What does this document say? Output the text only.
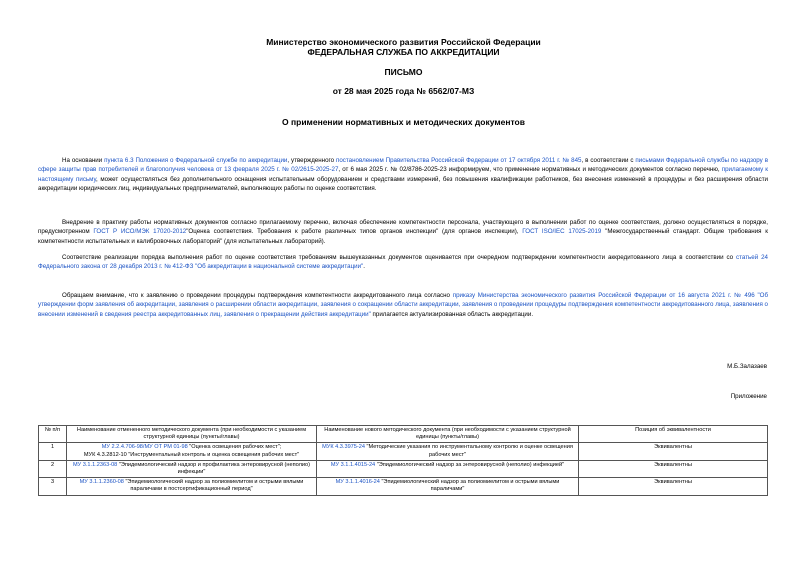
Министерство экономического развития Российской Федерации
ФЕДЕРАЛЬНАЯ СЛУЖБА ПО АККРЕДИТАЦИИ
ПИСЬМО
от 28 мая 2025 года № 6562/07-МЗ
О применении нормативных и методических документов
На основании пункта 6.3 Положения о Федеральной службе по аккредитации, утвержденного постановлением Правительства Российской Федерации от 17 октября 2011 г. № 845, в соответствии с письмами Федеральной службы по надзору в сфере защиты прав потребителей и благополучия человека от 13 февраля 2025 г. № 02/2615-2025-27, от 6 мая 2025 г. № 02/8786-2025-23 информируем, что применение нормативных и методических документов согласно перечню, прилагаемому к настоящему письму, может осуществляться без дополнительного оснащения испытательным оборудованием и средствами измерений, без повышения квалификации работников, без внесения изменений в процедуры и без расширения области аккредитации юридических лиц, индивидуальных предпринимателей, выполняющих работы по оценке соответствия.
Внедрение в практику работы нормативных документов согласно прилагаемому перечню, включая обеспечение компетентности персонала, участвующего в выполнении работ по оценке соответствия, должно осуществляться в порядке, предусмотренном ГОСТ Р ИСО/МЭК 17020-2012"Оценка соответствия. Требования к работе различных типов органов инспекции" (для органов инспекции), ГОСТ ISO/IEC 17025-2019 "Межгосударственный стандарт. Общие требования к компетентности испытательных и калибровочных лабораторий" (для испытательных лабораторий).
Соответствие реализации порядка выполнения работ по оценке соответствия требованиям вышеуказанных документов оценивается при очередном подтверждении компетентности аккредитованного лица в соответствии со статьей 24 Федерального закона от 28 декабря 2013 г. № 412-ФЗ "Об аккредитации в национальной системе аккредитации".
Обращаем внимание, что к заявлению о проведении процедуры подтверждения компетентности аккредитованного лица согласно приказу Министерства экономического развития Российской Федерации от 16 августа 2021 г. № 496 "Об утверждении форм заявления об аккредитации, заявления о расширении области аккредитации, заявления о сокращении области аккредитации, заявления о проведении процедуры подтверждения компетентности аккредитованного лица, заявления о внесении изменений в сведения реестра аккредитованных лиц, заявления о прекращении действия аккредитации" прилагается актуализированная область аккредитации.
М.Б.Залазаев
Приложение
№ п/п	Наименование отмененного методического документа (при необходимости с указанием структурной единицы (пункты/главы)	Наименование нового методического документа (при необходимости с указанием структурной единицы (пункты/главы)	Позиция об эквивалентности
1	МУ 2.2.4.706-98/МУ ОТ РМ 01-98 "Оценка освещения рабочих мест";
МУК 4.3.2812-10 "Инструментальный контроль и оценка освещения рабочих мест"	МУК 4.3.3975-24 "Методические указания по инструментальному контролю и оценке освещения рабочих мест"	Эквивалентны
2	МУ 3.1.1.2363-08 "Эпидемиологический надзор и профилактика энтеровирусной (неполио) инфекции"	МУ 3.1.1.4015-24 "Эпидемиологический надзор за энтеровирусной (неполио) инфекцией"	Эквивалентны
3	МУ 3.1.1.2360-08 "Эпидемиологический надзор за полиомиелитом и острыми вялыми параличами в постсертификационный период"	МУ 3.1.1.4016-24 "Эпидемиологический надзор за полиомиелитом и острыми вялыми параличами"	Эквивалентны
